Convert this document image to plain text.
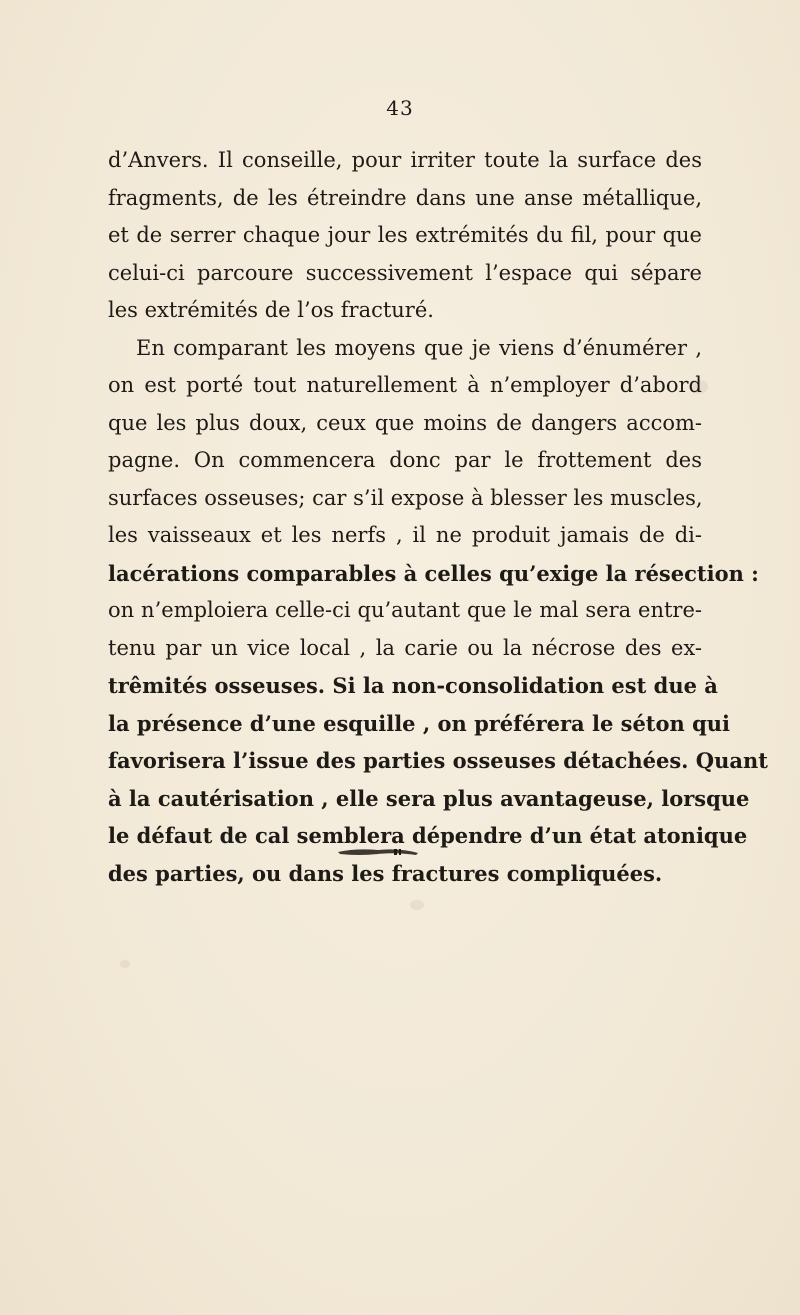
43
d’Anvers. Il conseille, pour irriter toute la surface des
fragments, de les étreindre dans une anse métallique,
et de serrer chaque jour les extrémités du fil, pour que
celui-ci parcoure successivement l’espace qui sépare
les extrémités de l’os fracturé.
En comparant les moyens que je viens d’énumérer ,
on est porté tout naturellement à n’employer d’abord
que les plus doux, ceux que moins de dangers accom-
pagne. On commencera donc par le frottement des
surfaces osseuses; car s’il expose à blesser les muscles,
les vaisseaux et les nerfs , il ne produit jamais de di-
lacérations comparables à celles qu’exige la résection :
on n’emploiera celle-ci qu’autant que le mal sera entre-
tenu par un vice local , la carie ou la nécrose des ex-
trêmités osseuses. Si la non-consolidation est due à
la présence d’une esquille , on préférera le séton qui
favorisera l’issue des parties osseuses détachées. Quant
à la cautérisation , elle sera plus avantageuse, lorsque
le défaut de cal semblera dépendre d’un état atonique
des parties, ou dans les fractures compliquées.
